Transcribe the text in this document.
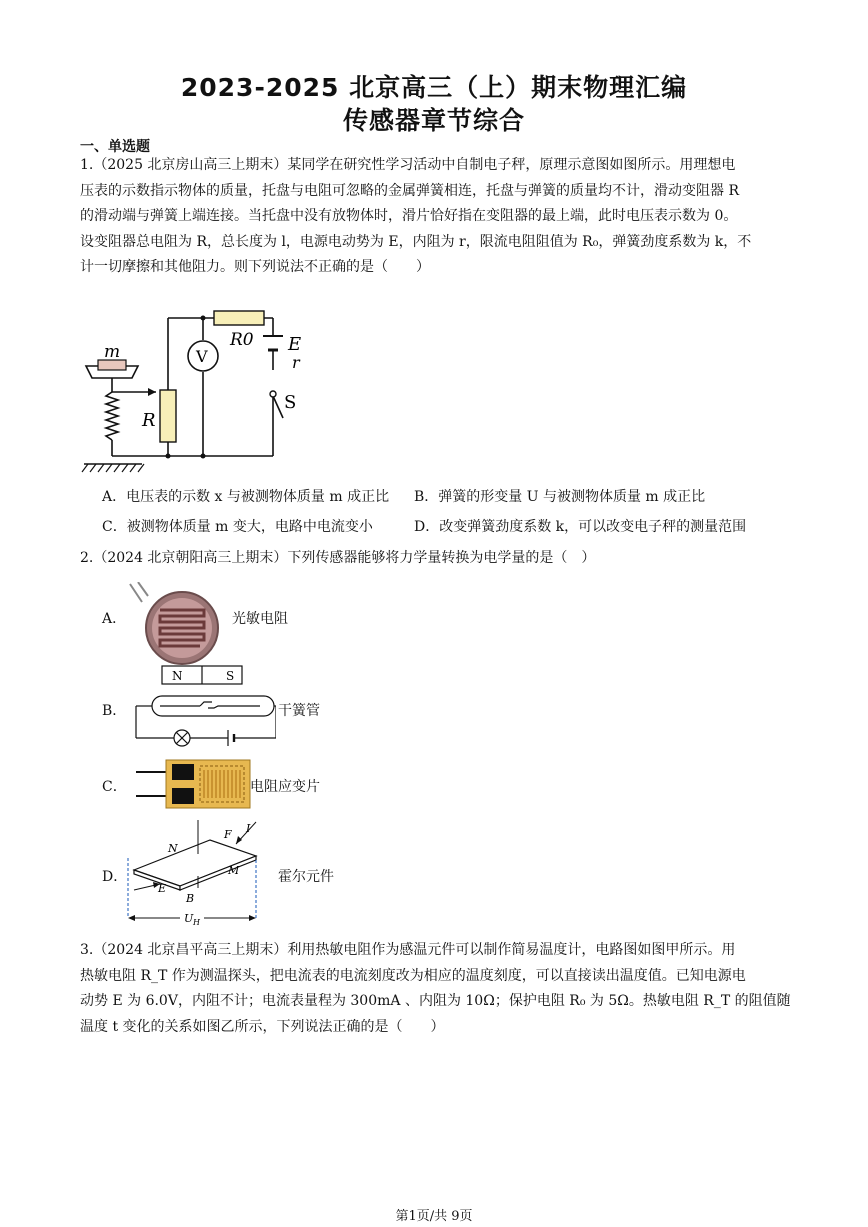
2023-2025 北京高三（上）期末物理汇编
传感器章节综合
一、单选题

1.（2025 北京房山高三上期末）某同学在研究性学习活动中自制电子秤，原理示意图如图所示。用理想电

压表的示数指示物体的质量，托盘与电阻可忽略的金属弹簧相连，托盘与弹簧的质量均不计，滑动变阻器 R

的滑动端与弹簧上端连接。当托盘中没有放物体时，滑片恰好指在变阻器的最上端，此时电压表示数为 0。

设变阻器总电阻为 R，总长度为 l，电源电动势为 E，内阻为 r，限流电阻阻值为 R₀，弹簧劲度系数为 k，不

计一切摩擦和其他阻力。则下列说法不正确的是（　　）

m
R
V
R0 E
r
S
A．电压表的示数 x 与被测物体质量 m 成正比 B．弹簧的形变量 U 与被测物体质量 m 成正比
C．被测物体质量 m 变大，电路中电流变小	D．改变弹簧劲度系数 k，可以改变电子秤的测量范围
2.（2024 北京朝阳高三上期末）下列传感器能够将力学量转换为电学量的是（　）
A．	光敏电阻
B．
N	S
干簧管
C．	电阻应变片
D．
N
M
F I
E
B
U H
霍尔元件

3.（2024 北京昌平高三上期末）利用热敏电阻作为感温元件可以制作简易温度计，电路图如图甲所示。用

热敏电阻 R_T 作为测温探头，把电流表的电流刻度改为相应的温度刻度，可以直接读出温度值。已知电源电

动势 E 为 6.0V，内阻不计；电流表量程为 300mA 、内阻为 10Ω；保护电阻 R₀ 为 5Ω。热敏电阻 R_T 的阻值随

温度 t 变化的关系如图乙所示，下列说法正确的是（　　）

第1页/共 9页
